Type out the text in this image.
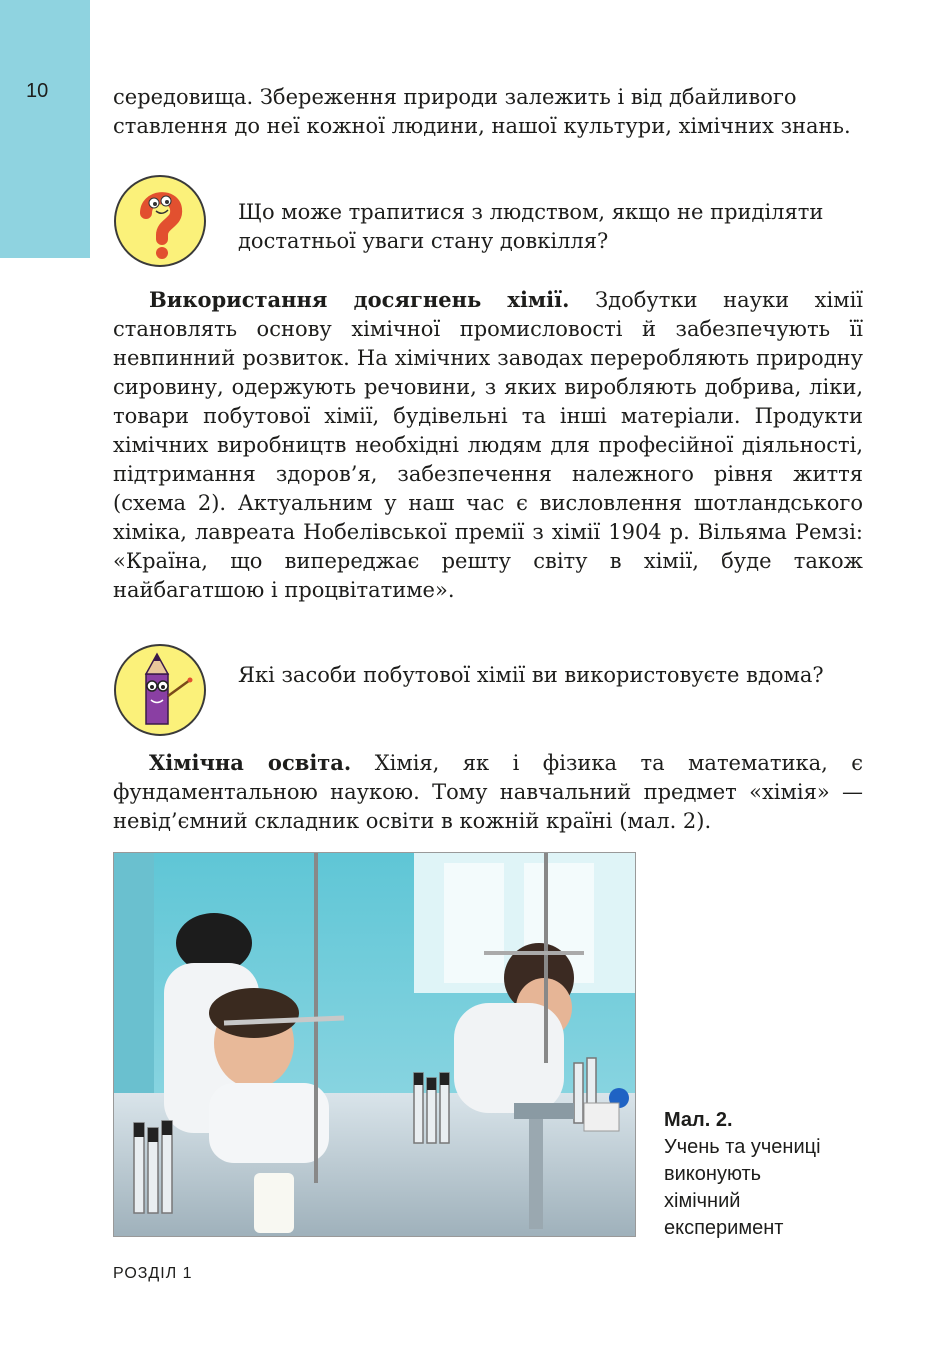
10	середовища. Збереження природи залежить і від дбайливого ставлення до неї кожної людини, нашої культури, хімічних знань.

Що може трапитися з людством, якщо не приділяти достатньої уваги стану довкілля?

Використання досягнень хімії. Здобутки науки хімії становлять основу хімічної промисловості й забезпечують її невпинний розвиток. На хімічних заводах переробляють природну сировину, одержують речовини, з яких виробляють добрива, ліки, товари побутової хімії, будівельні та інші матеріали. Продукти хімічних виробництв необхідні людям для професійної діяльності, підтримання здоров’я, забезпечення належного рівня життя (схема 2). Актуальним у наш час є висловлення шотландського хіміка, лавреата Нобелівської премії з хімії 1904 р. Вільяма Ремзі: «Країна, що випереджає решту світу в хімії, буде також найбагатшою і процвітатиме».

Які засоби побутової хімії ви використовуєте вдома?

Хімічна освіта. Хімія, як і фізика та математика, є фундаментальною наукою. Тому навчальний предмет «хімія» — невід’ємний складник освіти в кожній країні (мал. 2).

Мал. 2.
Учень та учениці
виконують
хімічний
експеримент
РОЗДІЛ 1
